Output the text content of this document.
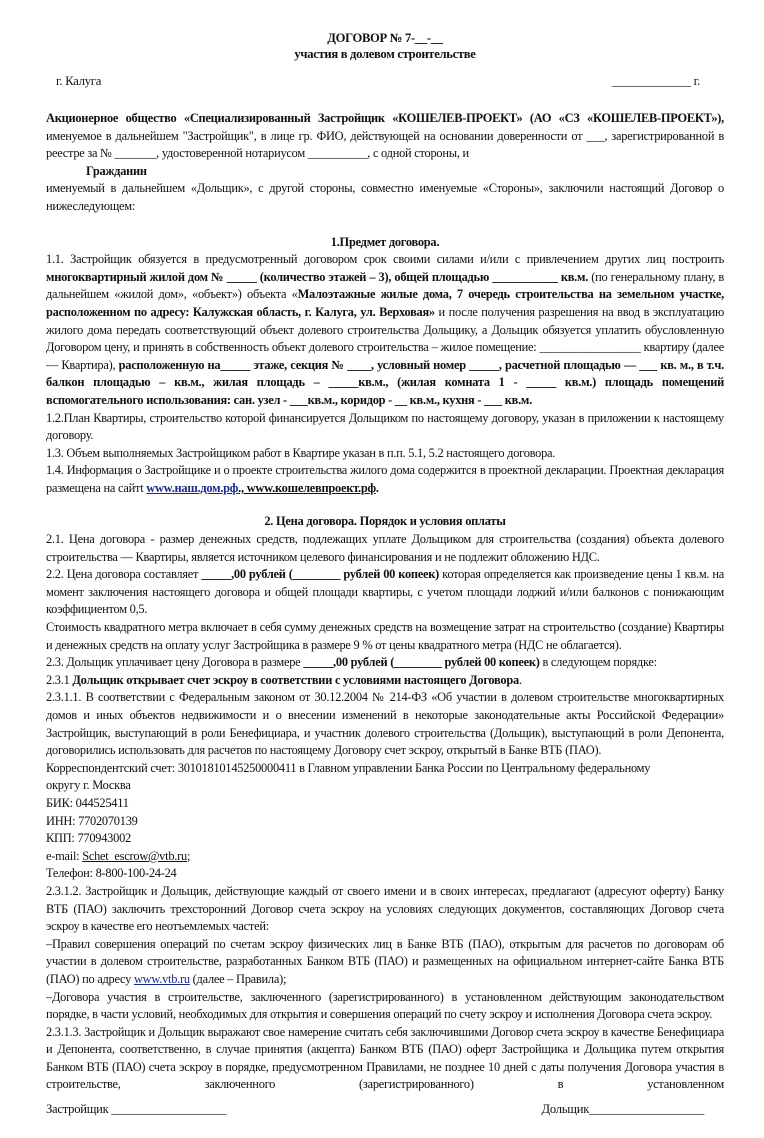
ДОГОВОР № 7-__-__

участия в долевом строительстве

г. Калуга	_____________ г.

Акционерное общество «Специализированный Застройщик «КОШЕЛЕВ-ПРОЕКТ» (АО «СЗ «КОШЕЛЕВ-ПРОЕКТ»), именуемое в дальнейшем "Застройщик", в лице гр. ФИО, действующей на основании доверенности от ___, зарегистрированной в реестре за № _______, удостоверенной нотариусом __________, с одной стороны, и

Гражданин

именуемый в дальнейшем «Дольщик», с другой стороны, совместно именуемые «Стороны», заключили настоящий Договор о нижеследующем:

1.Предмет договора.

1.1. Застройщик обязуется в предусмотренный договором срок своими силами и/или с привлечением других лиц построить многоквартирный жилой дом № _____ (количество этажей – 3), общей площадью ___________ кв.м. (по генеральному плану, в дальнейшем «жилой дом», «объект») объекта «Малоэтажные жилые дома, 7 очередь строительства на земельном участке, расположенном по адресу: Калужская область, г. Калуга, ул. Верховая» и после получения разрешения на ввод в эксплуатацию жилого дома передать соответствующий объект долевого строительства Дольщику, а Дольщик обязуется уплатить обусловленную Договором цену, и принять в собственность объект долевого строительства – жилое помещение: _________________ квартиру (далее — Квартира), расположенную на_____ этаже, секция № ____, условный номер _____, расчетной площадью — ___ кв. м., в т.ч. балкон площадью – кв.м., жилая площадь – _____кв.м., (жилая комната 1 - _____ кв.м.) площадь помещений вспомогательного использования: сан. узел - ___кв.м., коридор - __ кв.м., кухня - ___ кв.м.

1.2.План Квартиры, строительство которой финансируется Дольщиком по настоящему договору, указан в приложении к настоящему договору.

1.3. Объем выполняемых Застройщиком работ в Квартире указан в п.п. 5.1, 5.2 настоящего договора.

1.4. Информация о Застройщике и о проекте строительства жилого дома содержится в проектной декларации. Проектная декларация размещена на сайтt www.наш.дом.рф., www.кошелевпроект.рф.

2. Цена договора. Порядок и условия оплаты

2.1. Цена договора - размер денежных средств, подлежащих уплате Дольщиком для строительства (создания) объекта долевого строительства — Квартиры, является источником целевого финансирования и не подлежит обложению НДС.

2.2. Цена договора составляет _____,00 рублей (________ рублей 00 копеек) которая определяется как произведение цены 1 кв.м. на момент заключения настоящего договора и общей площади квартиры, с учетом площади лоджий и/или балконов с понижающим коэффициентом 0,5.

Стоимость квадратного метра включает в себя сумму денежных средств на возмещение затрат на строительство (создание) Квартиры и денежных средств на оплату услуг Застройщика в размере 9 % от цены квадратного метра (НДС не облагается).

2.3. Дольщик уплачивает цену Договора в размере _____,00 рублей (________ рублей 00 копеек) в следующем порядке:

2.3.1 Дольщик открывает счет эскроу в соответствии с условиями настоящего Договора.

2.3.1.1. В соответствии с Федеральным законом от 30.12.2004 № 214-ФЗ «Об участии в долевом строительстве многоквартирных домов и иных объектов недвижимости и о внесении изменений в некоторые законодательные акты Российской Федерации» Застройщик, выступающий в роли Бенефициара, и участник долевого строительства (Дольщик), выступающий в роли Депонента, договорились использовать для расчетов по настоящему Договору счет эскроу, открытый в Банке ВТБ (ПАО).

Корреспондентский счет: 30101810145250000411 в Главном управлении Банка России по Центральному федеральному округу г. Москва

БИК: 044525411

ИНН: 7702070139

КПП: 770943002

e-mail: Schet_escrow@vtb.ru;

Телефон: 8-800-100-24-24

2.3.1.2. Застройщик и Дольщик, действующие каждый от своего имени и в своих интересах, предлагают (адресуют оферту) Банку ВТБ (ПАО) заключить трехсторонний Договор счета эскроу на условиях следующих документов, составляющих Договор счета эскроу в качестве его неотъемлемых частей:

–Правил совершения операций по счетам эскроу физических лиц в Банке ВТБ (ПАО), открытым для расчетов по договорам об участии в долевом строительстве, разработанных Банком ВТБ (ПАО) и размещенных на официальном интернет-сайте Банка ВТБ (ПАО) по адресу www.vtb.ru (далее – Правила);

–Договора участия в строительстве, заключенного (зарегистрированного) в установленном действующим законодательством порядке, в части условий, необходимых для открытия и совершения операций по счету эскроу и исполнения Договора счета эскроу.

2.3.1.3. Застройщик и Дольщик выражают свое намерение считать себя заключившими Договор счета эскроу в качестве Бенефициара и Депонента, соответственно, в случае принятия (акцепта) Банком ВТБ (ПАО) оферт Застройщика и Дольщика путем открытия Банком ВТБ (ПАО) счета эскроу в порядке, предусмотренном Правилами, не позднее 10 дней с даты получения Договора участия в строительстве, заключенного (зарегистрированного) в установленном

Застройщик ___________________	Дольщик___________________
